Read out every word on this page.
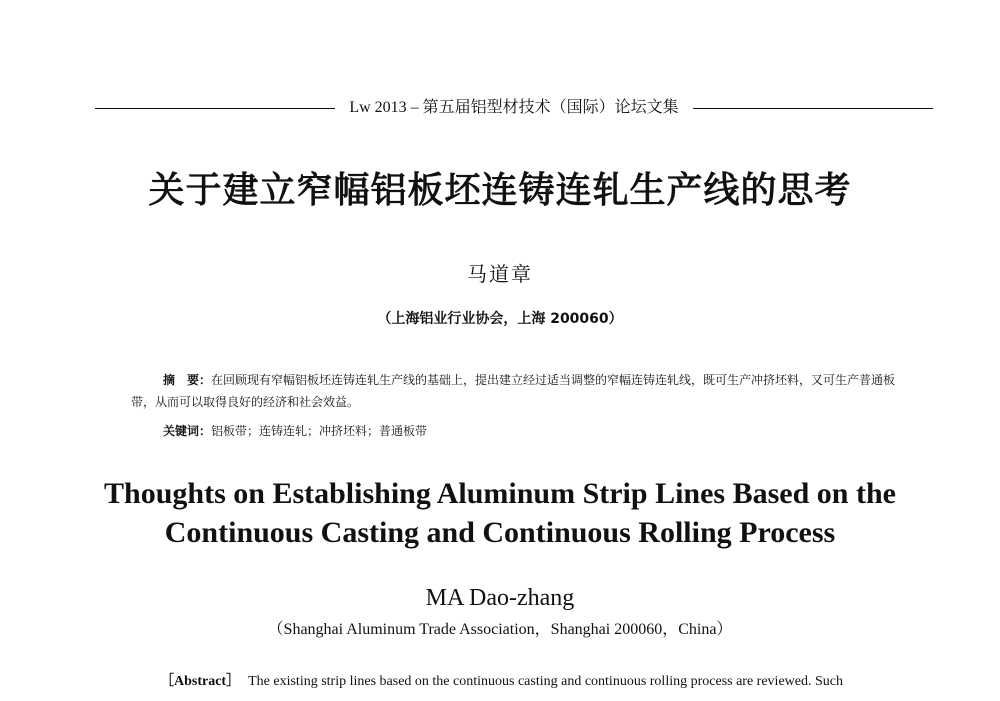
Lw 2013 – 第五届铝型材技术（国际）论坛文集
关于建立窄幅铝板坯连铸连轧生产线的思考
马道章
（上海铝业行业协会，上海 200060）

摘　要：在回顾现有窄幅铝板坯连铸连轧生产线的基础上，提出建立经过适当调整的窄幅连铸连轧线，既可生产冲挤坯料，又可生产普通板带，从而可以取得良好的经济和社会效益。

关键词：铝板带；连铸连轧；冲挤坯料；普通板带
Thoughts on Establishing Aluminum Strip Lines Based on the
Continuous Casting and Continuous Rolling Process
MA Dao-zhang
（Shanghai Aluminum Trade Association，Shanghai 200060，China）
［Abstract］ The existing strip lines based on the continuous casting and continuous rolling process are reviewed. Such
